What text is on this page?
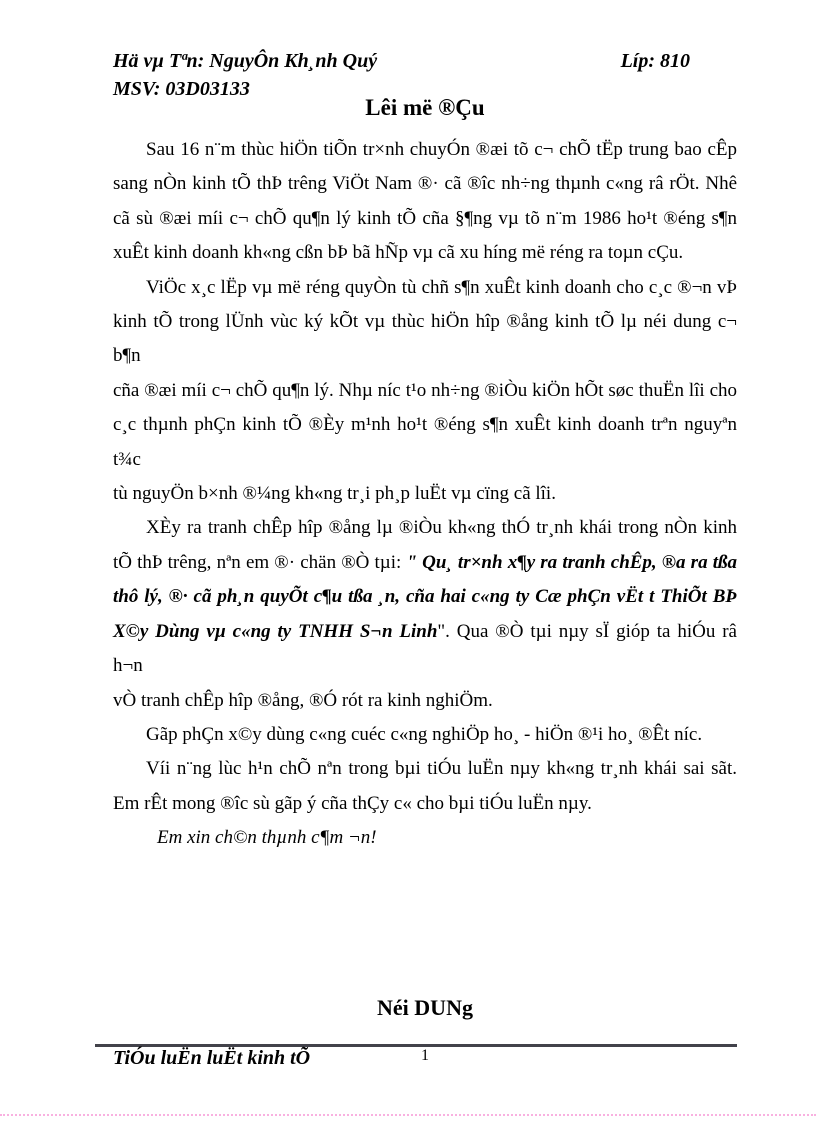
Hä vµ Tªn: NguyÔn Kh¸nh Quý	Líp: 810
MSV: 03D03133
Lêi më ®Çu
Sau 16 n¨m thùc hiÖn tiÕn tr×nh chuyÓn ®æi tõ c¬ chÕ tËp trung bao cÊp
sang nÒn kinh tÕ thÞ trêng ViÖt Nam ®· cã ®îc nh÷ng thµnh c«ng râ rÖt. Nhê
cã sù ®æi míi c¬ chÕ qu¶n lý kinh tÕ cña §¶ng vµ tõ n¨m 1986 ho¹t ®éng s¶n
xuÊt kinh doanh kh«ng cßn bÞ bã hÑp vµ cã xu híng më réng ra toµn cÇu.
ViÖc x¸c lËp vµ më réng quyÒn tù chñ s¶n xuÊt kinh doanh cho c¸c ®¬n vÞ
kinh tÕ trong lÜnh vùc ký kÕt vµ thùc hiÖn hîp ®ång kinh tÕ lµ néi dung c¬ b¶n
cña ®æi míi c¬ chÕ qu¶n lý. Nhµ níc t¹o nh÷ng ®iÒu kiÖn hÕt søc thuËn lîi cho
c¸c thµnh phÇn kinh tÕ ®Èy m¹nh ho¹t ®éng s¶n xuÊt kinh doanh trªn nguyªn t¾c
tù nguyÖn b×nh ®¼ng kh«ng tr¸i ph¸p luËt vµ cïng cã lîi.
XÈy ra tranh chÊp hîp ®ång lµ ®iÒu kh«ng thÓ tr¸nh khái trong nÒn kinh
tÕ thÞ trêng, nªn em ®· chän ®Ò tµi: " Qu¸ tr×nh x¶y ra tranh chÊp, ®a ra tßa
thô lý, ®· cã ph¸n quyÕt c¶u tßa ¸n, cña hai c«ng ty Cæ phÇn vËt t ThiÕt BÞ
X©y Dùng vµ c«ng ty TNHH S¬n Linh". Qua ®Ò tµi nµy sÏ gióp ta hiÓu râ h¬n
vÒ tranh chÊp hîp ®ång, ®Ó rót ra kinh nghiÖm.
Gãp phÇn x©y dùng c«ng cuéc c«ng nghiÖp ho¸ - hiÖn ®¹i ho¸ ®Êt níc.
Víi n¨ng lùc h¹n chÕ nªn trong bµi tiÓu luËn nµy kh«ng tr¸nh khái sai sãt.
Em rÊt mong ®îc sù gãp ý cña thÇy c« cho bµi tiÓu luËn nµy.
Em xin ch©n thµnh c¶m ¬n!
Néi DUNg
1
TiÓu luËn luËt kinh tÕ
